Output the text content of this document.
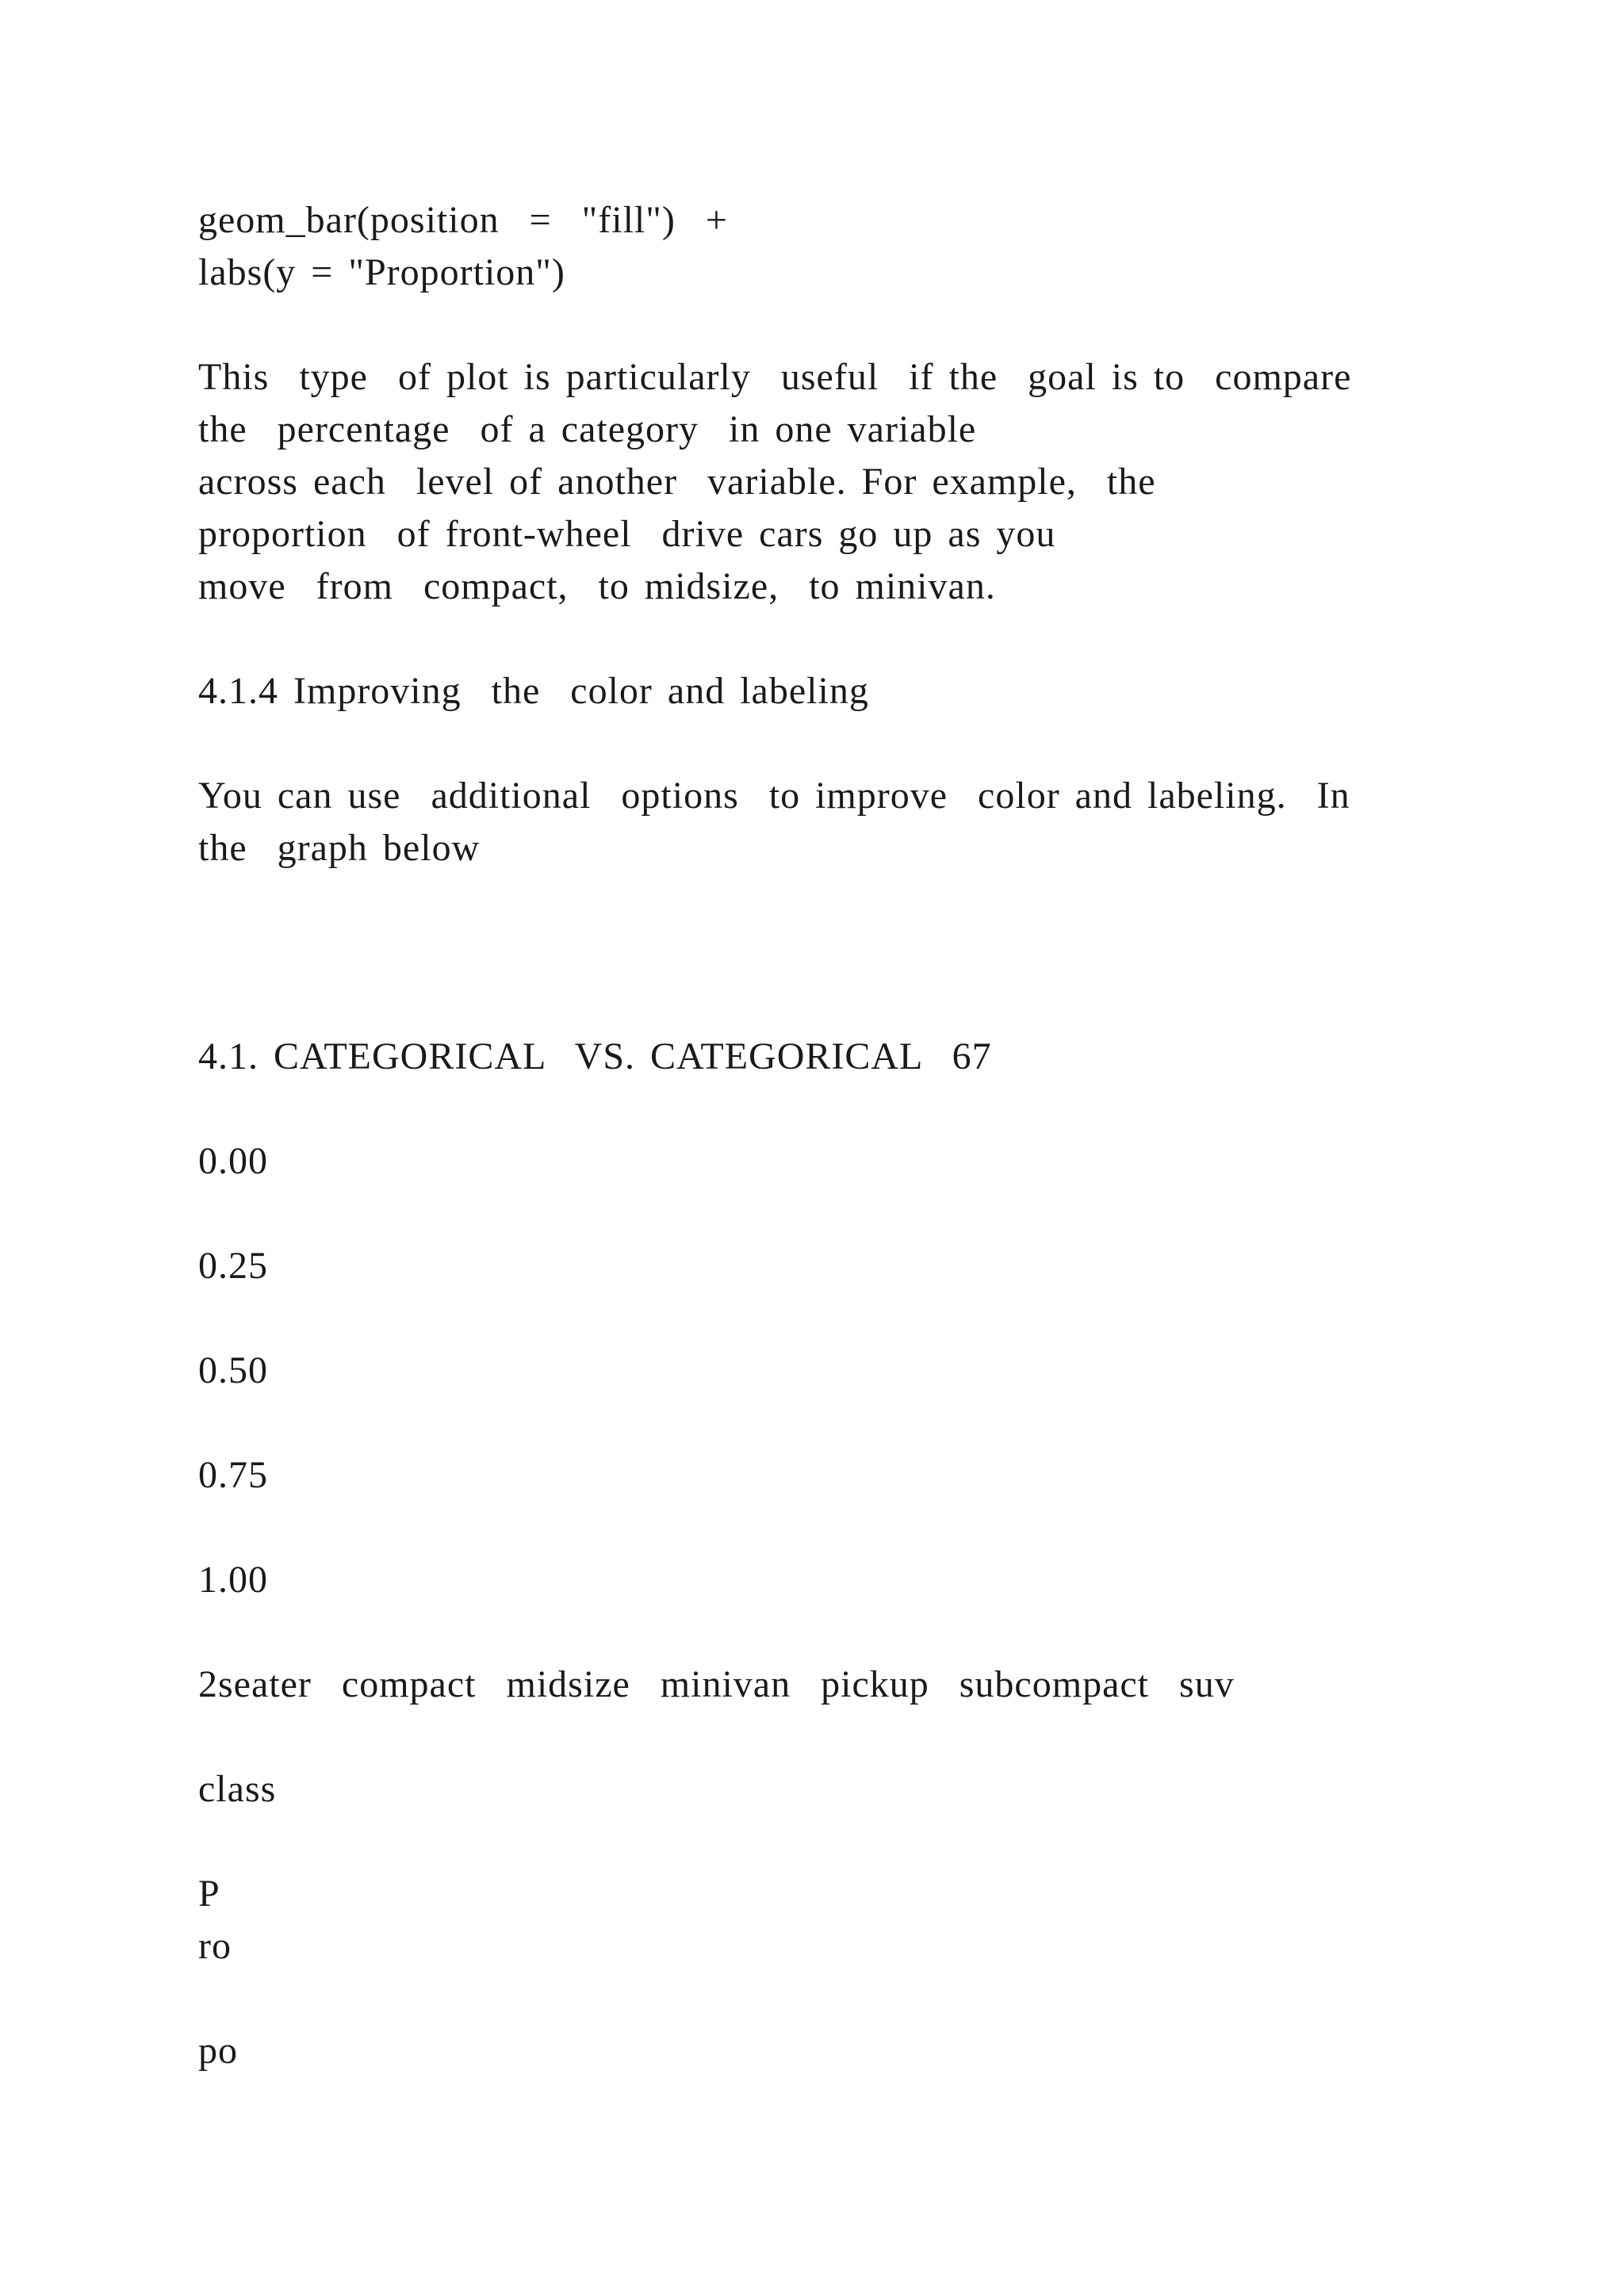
geom_bar(position  =  "fill")  +
labs(y = "Proportion")
This  type  of plot is particularly  useful  if the  goal is to  compare
the  percentage  of a category  in one variable
across each  level of another  variable. For example,  the
proportion  of front-wheel  drive cars go up as you
move  from  compact,  to midsize,  to minivan.
4.1.4 Improving  the  color and labeling
You can use  additional  options  to improve  color and labeling.  In
the  graph below
4.1. CATEGORICAL  VS. CATEGORICAL  67
0.00
0.25
0.50
0.75
1.00
2seater  compact  midsize  minivan  pickup  subcompact  suv
class
P
ro
po
